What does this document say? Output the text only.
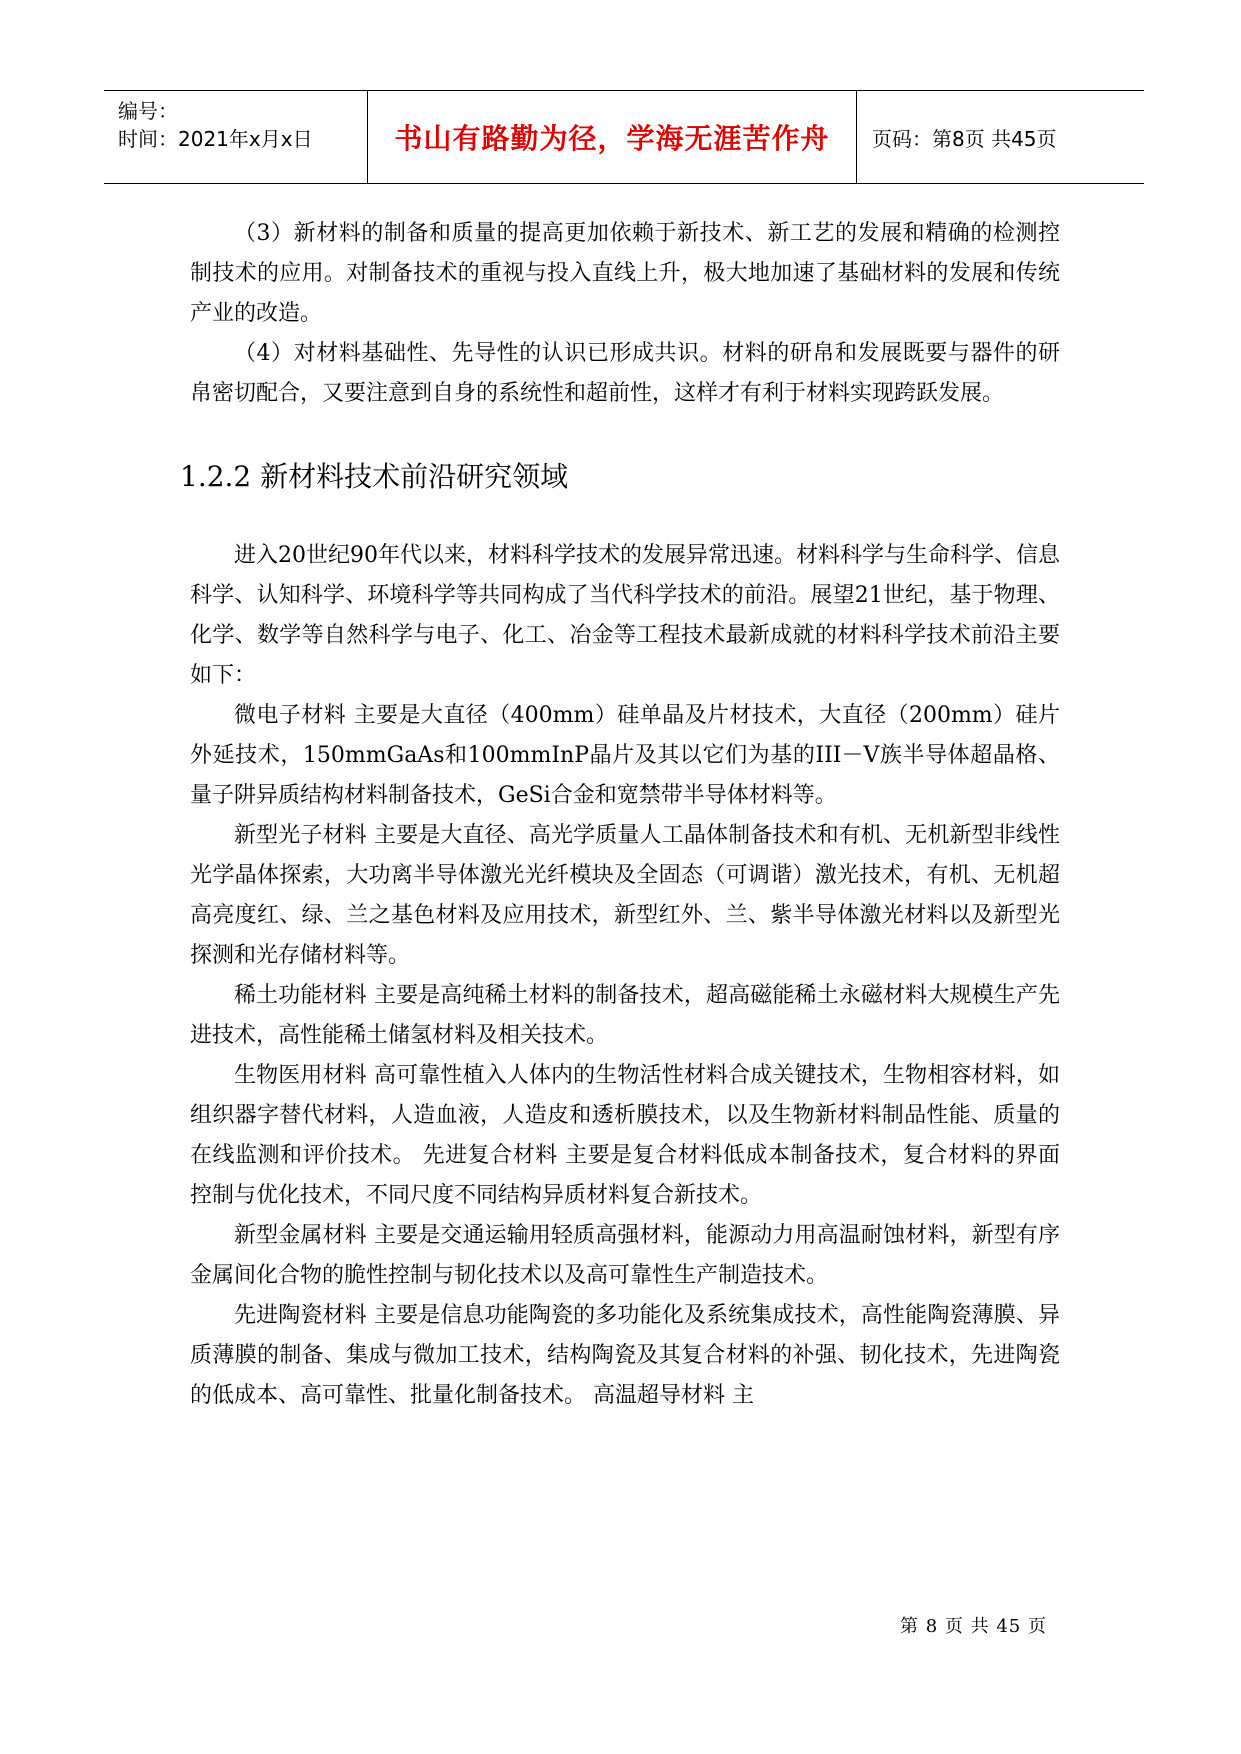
编号：
时间：2021年x月x日	书山有路勤为径，学海无涯苦作舟	页码：第8页 共45页

（3）新材料的制备和质量的提高更加依赖于新技术、新工艺的发展和精确的检测控制技术的应用。对制备技术的重视与投入直线上升，极大地加速了基础材料的发展和传统产业的改造。

（4）对材料基础性、先导性的认识已形成共识。材料的研帛和发展既要与器件的研帛密切配合，又要注意到自身的系统性和超前性，这样才有利于材料实现跨跃发展。

1.2.2 新材料技术前沿研究领域

进入20世纪90年代以来，材料科学技术的发展异常迅速。材料科学与生命科学、信息科学、认知科学、环境科学等共同构成了当代科学技术的前沿。展望21世纪，基于物理、化学、数学等自然科学与电子、化工、冶金等工程技术最新成就的材料科学技术前沿主要如下：

微电子材料 主要是大直径（400mm）硅单晶及片材技术，大直径（200mm）硅片外延技术，150mmGaAs和100mmInP晶片及其以它们为基的III－V族半导体超晶格、量子阱异质结构材料制备技术，GeSi合金和宽禁带半导体材料等。

新型光子材料 主要是大直径、高光学质量人工晶体制备技术和有机、无机新型非线性光学晶体探索，大功离半导体激光光纤模块及全固态（可调谐）激光技术，有机、无机超高亮度红、绿、兰之基色材料及应用技术，新型红外、兰、紫半导体激光材料以及新型光探测和光存储材料等。

稀土功能材料 主要是高纯稀土材料的制备技术，超高磁能稀土永磁材料大规模生产先进技术，高性能稀土储氢材料及相关技术。

生物医用材料 高可靠性植入人体内的生物活性材料合成关键技术，生物相容材料，如组织器字替代材料，人造血液，人造皮和透析膜技术，以及生物新材料制品性能、质量的在线监测和评价技术。 先进复合材料 主要是复合材料低成本制备技术，复合材料的界面控制与优化技术，不同尺度不同结构异质材料复合新技术。

新型金属材料 主要是交通运输用轻质高强材料，能源动力用高温耐蚀材料，新型有序金属间化合物的脆性控制与韧化技术以及高可靠性生产制造技术。

先进陶瓷材料 主要是信息功能陶瓷的多功能化及系统集成技术，高性能陶瓷薄膜、异质薄膜的制备、集成与微加工技术，结构陶瓷及其复合材料的补强、韧化技术，先进陶瓷的低成本、高可靠性、批量化制备技术。 高温超导材料 主

第 8 页 共 45 页
